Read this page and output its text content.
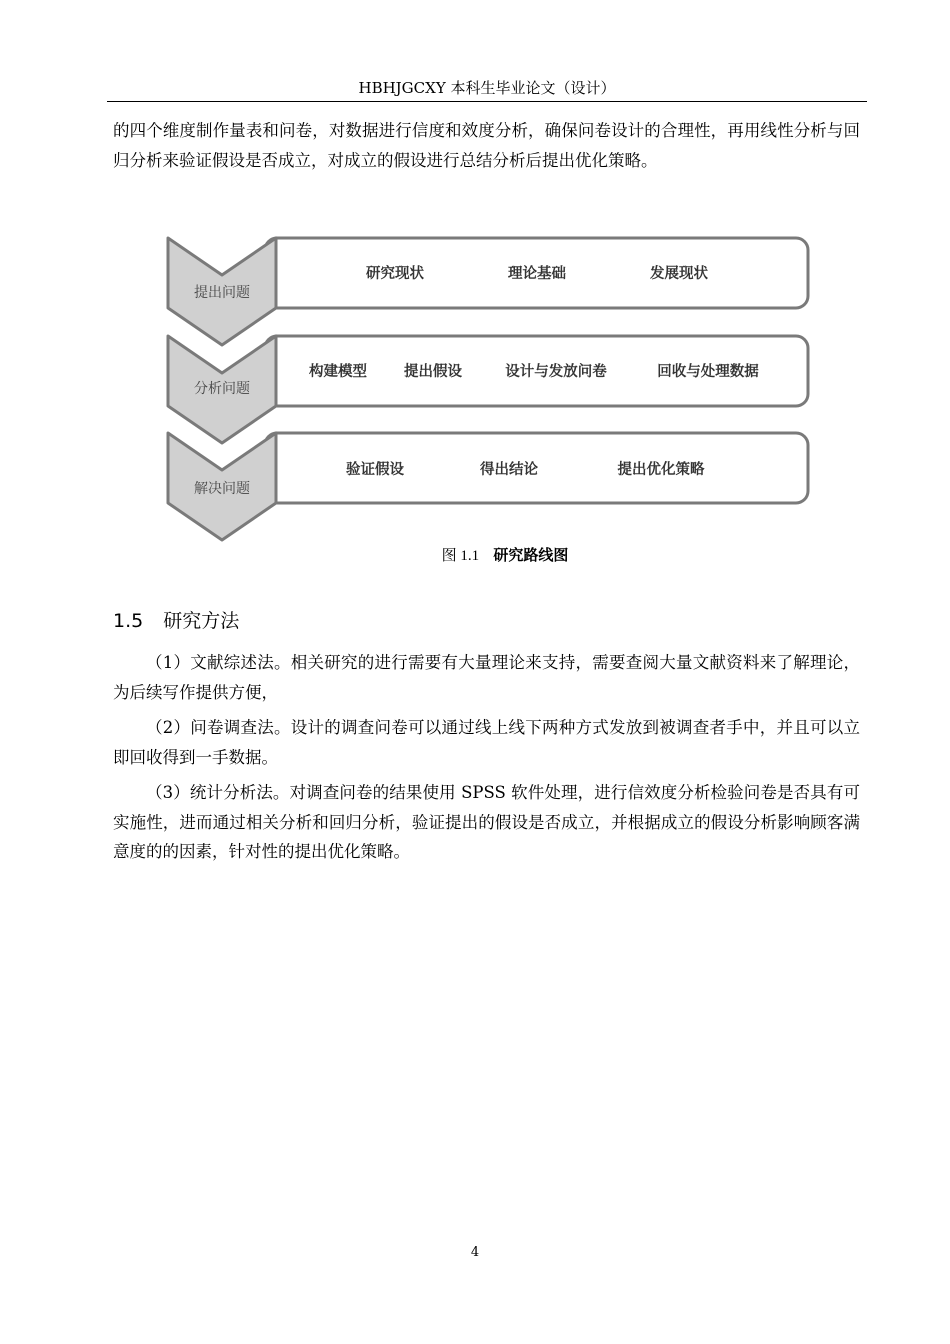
HBHJGCXY 本科生毕业论文（设计）

的四个维度制作量表和问卷，对数据进行信度和效度分析，确保问卷设计的合理性，再用线性分析与回归分析来验证假设是否成立，对成立的假设进行总结分析后提出优化策略。

提出问题
研究现状	理论基础	发展现状
分析问题
构建模型	提出假设	设计与发放问卷	回收与处理数据
解决问题
验证假设	得出结论	提出优化策略
图 1.1 研究路线图
1.5 研究方法

（1）文献综述法。相关研究的进行需要有大量理论来支持，需要查阅大量文献资料来了解理论，为后续写作提供方便，

（2）问卷调查法。设计的调查问卷可以通过线上线下两种方式发放到被调查者手中，并且可以立即回收得到一手数据。

（3）统计分析法。对调查问卷的结果使用 SPSS 软件处理，进行信效度分析检验问卷是否具有可实施性，进而通过相关分析和回归分析，验证提出的假设是否成立，并根据成立的假设分析影响顾客满意度的的因素，针对性的提出优化策略。

4
